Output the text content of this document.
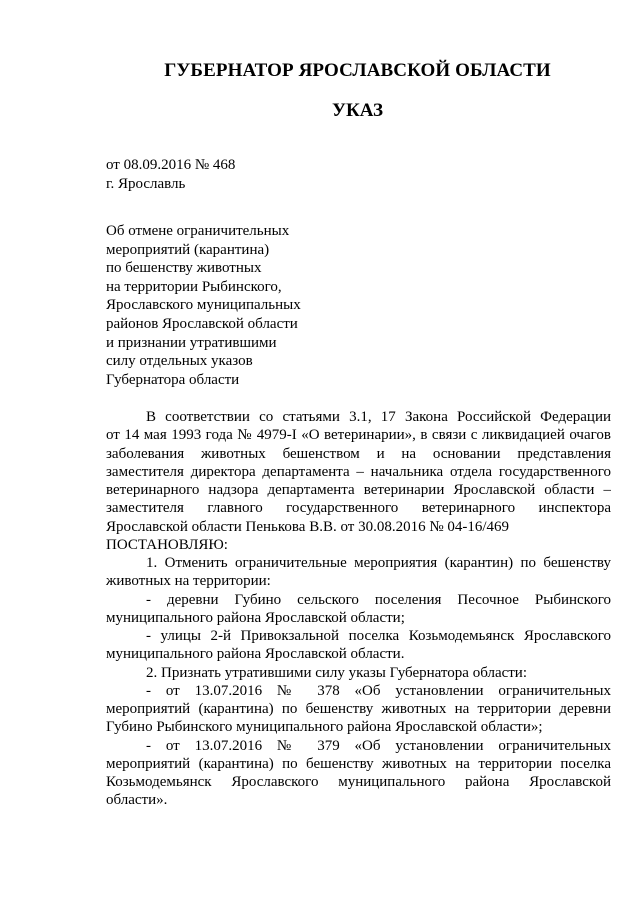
ГУБЕРНАТОР ЯРОСЛАВСКОЙ ОБЛАСТИ
УКАЗ
от 08.09.2016 № 468
г. Ярославль
Об отмене ограничительных
мероприятий (карантина)
по бешенству животных
на территории Рыбинского,
Ярославского муниципальных
районов Ярославской области
и признании утратившими
силу отдельных указов
Губернатора области
В соответствии со статьями 3.1, 17 Закона Российской Федерации
от 14 мая 1993 года № 4979-I «О ветеринарии», в связи с ликвидацией очагов
заболевания животных бешенством и на основании представления
заместителя директора департамента – начальника отдела государственного
ветеринарного надзора департамента ветеринарии Ярославской области –
заместителя главного государственного ветеринарного инспектора
Ярославской области Пенькова В.В. от 30.08.2016 № 04-16/469
ПОСТАНОВЛЯЮ:
1. Отменить ограничительные мероприятия (карантин) по бешенству
животных на территории:
- деревни Губино сельского поселения Песочное Рыбинского
муниципального района Ярославской области;
- улицы 2-й Привокзальной поселка Козьмодемьянск Ярославского
муниципального района Ярославской области.
2. Признать утратившими силу указы Губернатора области:
- от 13.07.2016 № 378 «Об установлении ограничительных
мероприятий (карантина) по бешенству животных на территории деревни
Губино Рыбинского муниципального района Ярославской области»;
- от 13.07.2016 № 379 «Об установлении ограничительных
мероприятий (карантина) по бешенству животных на территории поселка
Козьмодемьянск Ярославского муниципального района Ярославской
области».
